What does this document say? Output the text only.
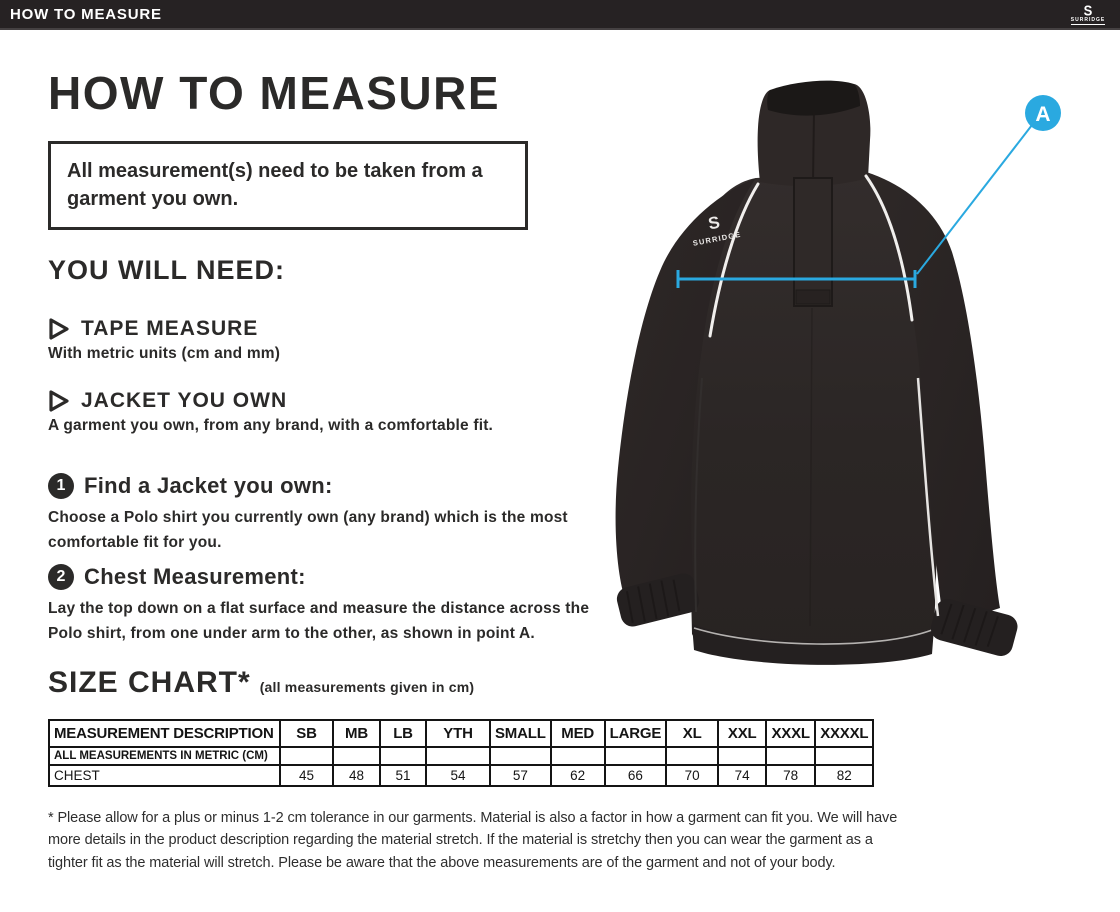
HOW TO MEASURE	S
SURRIDGE
HOW TO MEASURE
All measurement(s) need to be taken from a garment you own.
YOU WILL NEED:
TAPE MEASURE
With metric units (cm and mm)
JACKET YOU OWN
A garment you own, from any brand, with a comfortable fit.
1 Find a Jacket you own:
Choose a Polo shirt you currently own (any brand) which is the most comfortable fit for you.
2 Chest Measurement:
Lay the top down on a flat surface and measure the distance across the Polo shirt, from one under arm to the other, as shown in point A.
SIZE CHART* (all measurements given in cm)
MEASUREMENT DESCRIPTION	SB	MB	LB	YTH	SMALL	MED	LARGE	XL	XXL	XXXL	XXXXL
ALL MEASUREMENTS IN METRIC (CM)											
CHEST	45	48	51	54	57	62	66	70	74	78	82
* Please allow for a plus or minus 1-2 cm tolerance in our garments. Material is also a factor in how a garment can fit you. We will have more details in the product description regarding the material stretch. If the material is stretchy then you can wear the garment as a tighter fit as the material will stretch. Please be aware that the above measurements are of the garment and not of your body.
S
SURRIDGE
A
